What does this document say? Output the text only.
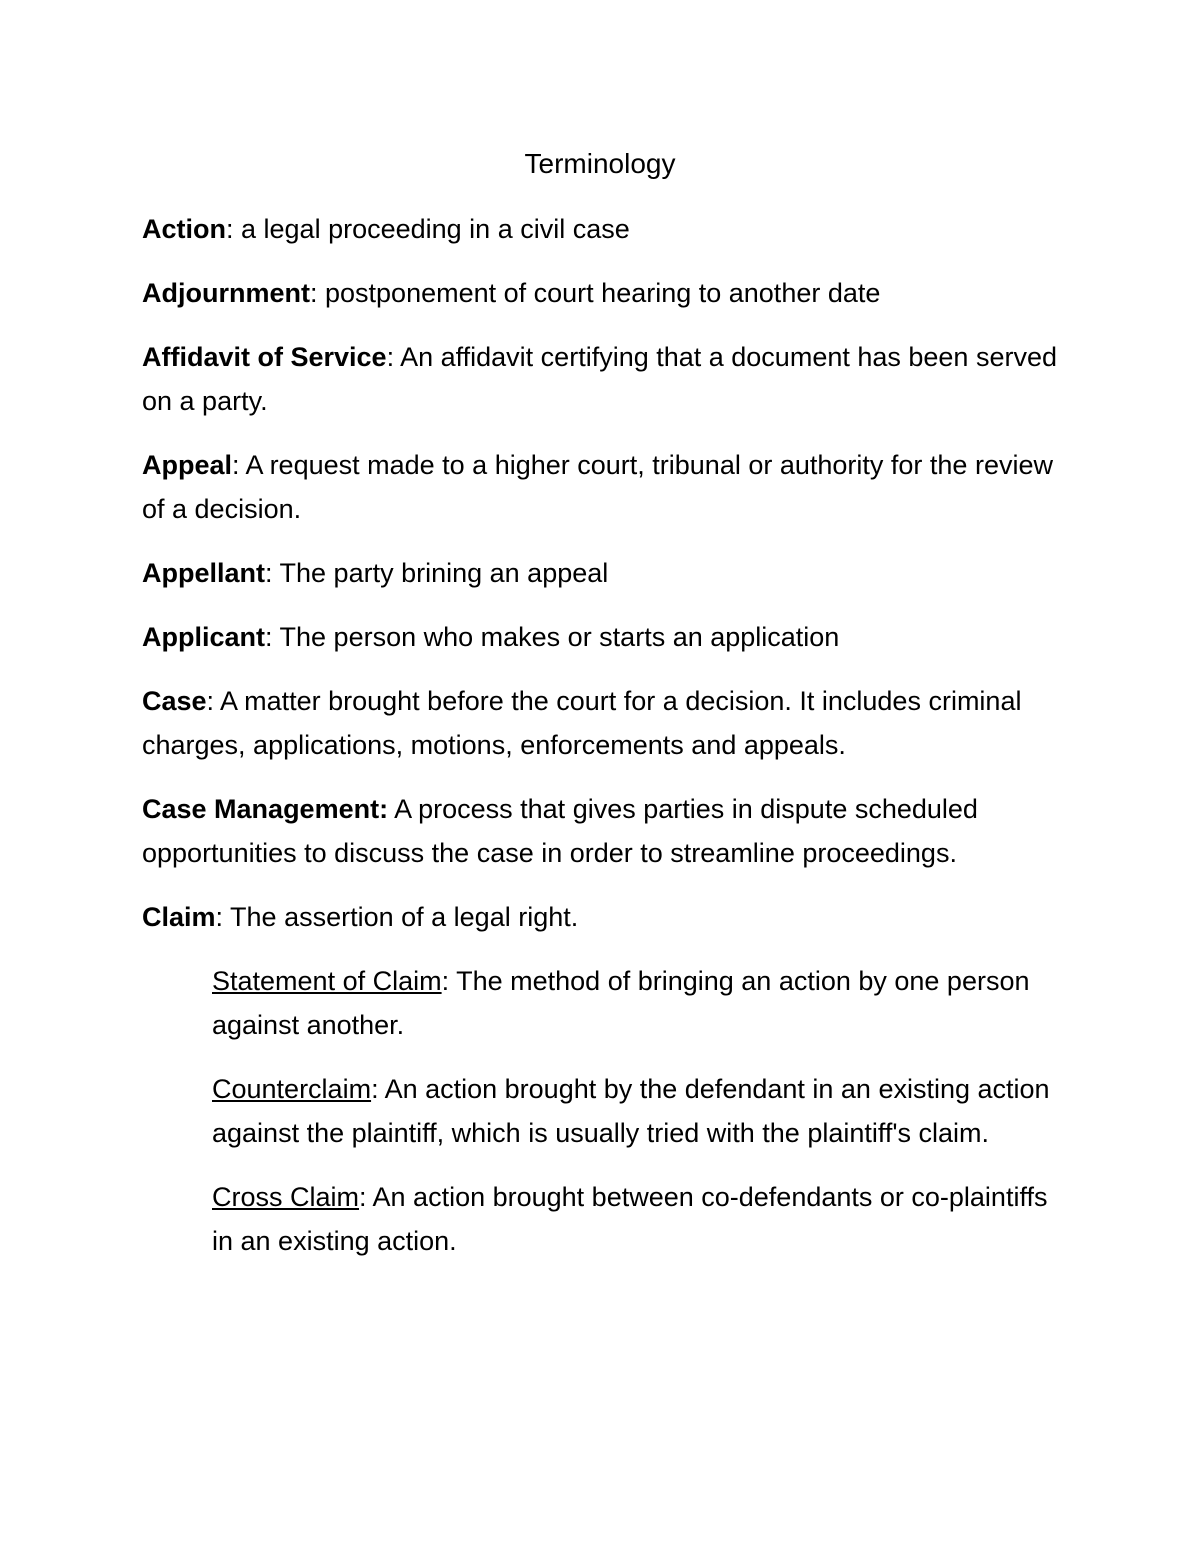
Terminology

Action: a legal proceeding in a civil case

Adjournment: postponement of court hearing to another date

Affidavit of Service: An affidavit certifying that a document has been served on a party.

Appeal: A request made to a higher court, tribunal or authority for the review of a decision.

Appellant: The party brining an appeal

Applicant: The person who makes or starts an application

Case: A matter brought before the court for a decision. It includes criminal charges, applications, motions, enforcements and appeals.

Case Management: A process that gives parties in dispute scheduled opportunities to discuss the case in order to streamline proceedings.

Claim: The assertion of a legal right.

Statement of Claim: The method of bringing an action by one person against another.

Counterclaim: An action brought by the defendant in an existing action against the plaintiff, which is usually tried with the plaintiff's claim.

Cross Claim: An action brought between co-defendants or co-plaintiffs in an existing action.
